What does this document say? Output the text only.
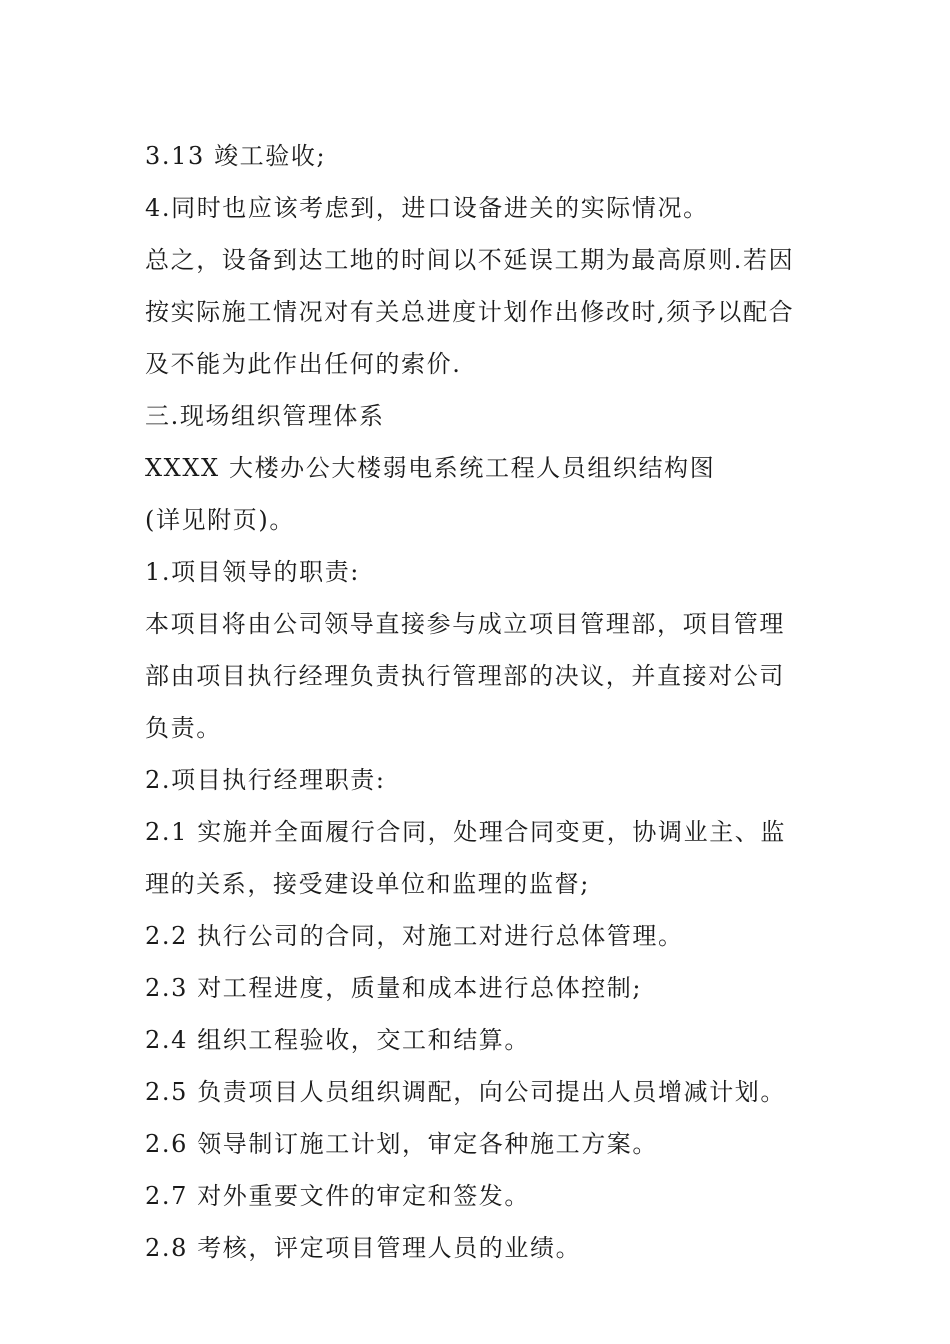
3.13 竣工验收;
4.同时也应该考虑到，进口设备进关的实际情况。
总之，设备到达工地的时间以不延误工期为最高原则.若因
按实际施工情况对有关总进度计划作出修改时,须予以配合
及不能为此作出任何的索价.
三.现场组织管理体系
XXXX 大楼办公大楼弱电系统工程人员组织结构图
(详见附页)。
1.项目领导的职责:
本项目将由公司领导直接参与成立项目管理部，项目管理
部由项目执行经理负责执行管理部的决议，并直接对公司
负责。
2.项目执行经理职责:
2.1 实施并全面履行合同，处理合同变更，协调业主、监
理的关系，接受建设单位和监理的监督;
2.2 执行公司的合同，对施工对进行总体管理。
2.3 对工程进度，质量和成本进行总体控制;
2.4 组织工程验收，交工和结算。
2.5 负责项目人员组织调配，向公司提出人员增减计划。
2.6 领导制订施工计划，审定各种施工方案。
2.7 对外重要文件的审定和签发。
2.8 考核，评定项目管理人员的业绩。
